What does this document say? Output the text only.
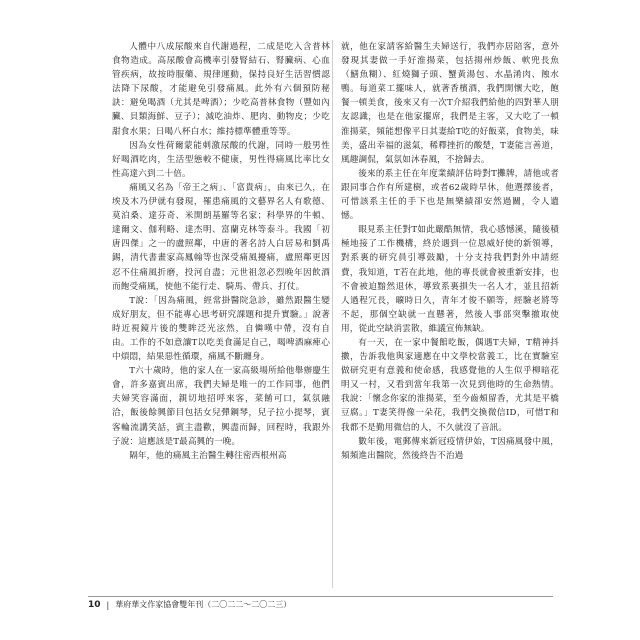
人體中八成尿酸來自代謝過程，二成是吃入含普林食物造成。高尿酸會高機率引發腎結石、腎臟病、心血管疾病，故按時服藥、規律運動，保持良好生活習慣認法降下尿酸，才能避免引發痛風。此外有六個預防秘訣：避免喝酒（尤其是啤酒）；少吃高普林食物（豐如內臟、貝類海鮮、豆子）；減吃油炸、肥肉、動物皮；少吃甜食水果；日喝八杯白水；維持標準體重等等。

因為女性荷爾蒙能刺激尿酸的代謝，同時一般男性好喝酒吃肉，生活型態較不健康，男性得痛風比率比女性高達六到二十倍。

痛風又名為「帝王之病」、「富貴病」，由來已久，在埃及木乃伊就有發現，罹患痛風的文藝界名人有歌德、莫泊桑、達芬奇、米開朗基羅等名家；科學界的牛頓、達爾文、伽利略、達杰明、富蘭克林等泰斗。我國「初唐四傑」之一的盧照鄰，中唐的著名詩人白居易和劉禹錫，清代書畫家高鳳翰等也深受痛風擾痛，盧照鄰更因忍不住痛風折磨，投河自盡；元世祖忽必烈晚年因飲酒而飽受痛風，使他不能行走、騎馬、帶兵、打仗。

T說：「因為痛風，經常掛醫院急診，雖然跟醫生變成好朋友，但不能專心思考研究課題和提升實驗。」說著時近視鏡片後的雙眸泛光泫然，自憐嘆中帶，沒有自由。工作的不如意讓T以吃美食滿足自己，喝啤酒麻痺心中煩悶，結果惡性循環，痛風不斷纏身。

T六十歲時，他的家人在一家高級場所給他舉辦慶生會，許多嘉賓出席，我們夫婦是唯一的工作同事，他們夫婦笑容滿面，親切地招呼來客，菜餚可口，氣氛融洽，飯後餘興節目包括女兒彈鋼琴，兒子拉小提琴，賓客輪流講笑話，賓主盡歡，興盡而歸，回程時，我跟外子說：這應該是T最高興的一晚。

隔年，他的痛風主治醫生轉往密西根州高

就，他在家請客給醫生夫婦送行，我們亦居陪客，意外發現其妻做一手好淮揚菜，包括揚州炒飯、軟兜長魚（鱔魚糊）、紅燒獅子頭、蟹黃湯包、水晶淆肉、蝕水鴨。每道菜工擺味人，就著香檳酒，我們開懷大吃，飽餐一頓美食，後來又有一次T介紹我們給他的四對華人朋友認識，也是在他家擺席，我們是主客，又大吃了一頓淮揚菜，頻能想像平日其妻給T吃的好飯菜，食物美，味美，盛出幸福的滋氣，稀釋挫折的酸楚，T妻能言善道，風趣調侃，氣氛如沐春風，不捨歸去。

後來的系主任在年度業績評估時對T攤牌，請他或者跟同事合作有所建樹，或者62歲時早休，他選擇後者，可惜該系主任的手下也是無樂績卻安然過關，令人遺憾。

眼見系主任對T如此嚴酷無情，我心感憾溪，隨後積極地接了工作機構，終於遇到一位恩威好使的新領導，對系裏的研究員引導鼓勵，十分支持我們對外申請經費，我知道，T若在此地，他的專長就會被重新安排，也不會被迫黯然退休，導致系裏損失一名人才，並且招新人過程冗長，曠時日久，青年才俊不願等，經驗老將等不起，那個空缺就一直懸著，然後人事部突擊撤取使用，從此空缺消雲散，維議宣佈無缺。

有一天，在一家中餐館吃飯，偶遇T夫婦，T精神抖擻，告訴我他與家適應在中文學校當義工，比在實驗室做研究更有意義和使命感，我感覺他的人生似乎柳暗花明又一村，又看到當年我第一次見到他時的生命熱情。我說：「懷念你家的淮揚菜，至今齒頰留香，尤其是平橋豆腐。」T妻笑得像一朵花，我們交換微信ID，可惜T和我都不是勤用微信的人，不久就沒了音訊。

數年後，電郵傳來新冠疫情伊始，T因痛風發中風，頻頻進出醫院，然後終告不治過

10 | 華府華文作家協會雙年刊（二〇二二～二〇二三）
